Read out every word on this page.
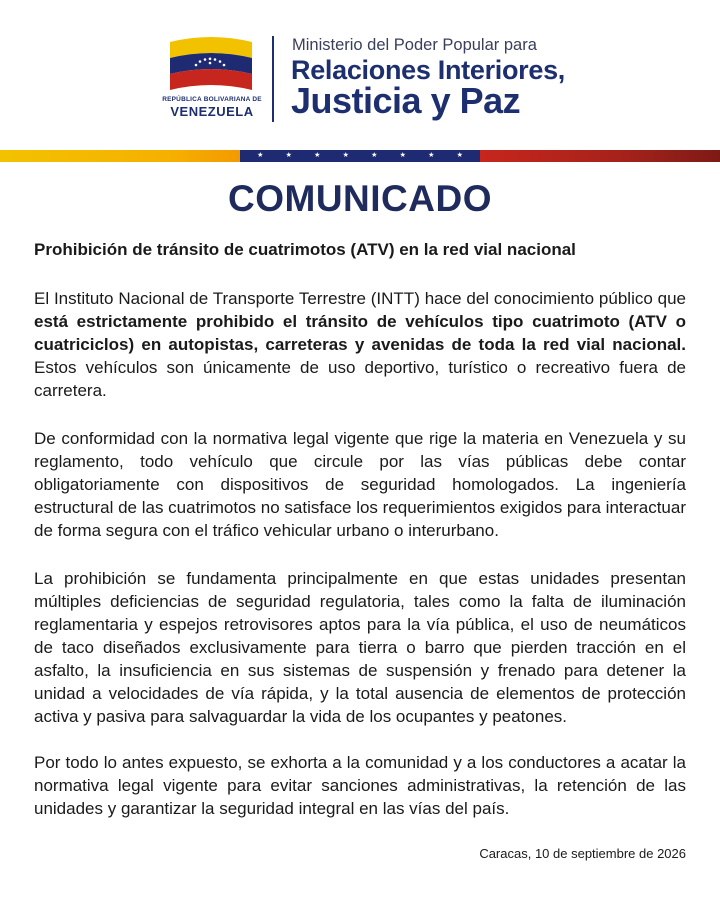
REPÚBLICA BOLIVARIANA DE
VENEZUELA
Ministerio del Poder Popular para
Relaciones Interiores,
Justicia y Paz
★	★	★	★	★	★	★	★
COMUNICADO
Prohibición de tránsito de cuatrimotos (ATV) en la red vial nacional

El Instituto Nacional de Transporte Terrestre (INTT) hace del conocimiento público que está estrictamente prohibido el tránsito de vehículos tipo cuatrimoto (ATV o cuatriciclos) en autopistas, carreteras y avenidas de toda la red vial nacional. Estos vehículos son únicamente de uso deportivo, turístico o recreativo fuera de carretera.

De conformidad con la normativa legal vigente que rige la materia en Venezuela y su reglamento, todo vehículo que circule por las vías públicas debe contar obligatoriamente con dispositivos de seguridad homologados. La ingeniería estructural de las cuatrimotos no satisface los requerimientos exigidos para interactuar de forma segura con el tráfico vehicular urbano o interurbano.

La prohibición se fundamenta principalmente en que estas unidades presentan múltiples deficiencias de seguridad regulatoria, tales como la falta de iluminación reglamentaria y espejos retrovisores aptos para la vía pública, el uso de neumáticos de taco diseñados exclusivamente para tierra o barro que pierden tracción en el asfalto, la insuficiencia en sus sistemas de suspensión y frenado para detener la unidad a velocidades de vía rápida, y la total ausencia de elementos de protección activa y pasiva para salvaguardar la vida de los ocupantes y peatones.

Por todo lo antes expuesto, se exhorta a la comunidad y a los conductores a acatar la normativa legal vigente para evitar sanciones administrativas, la retención de las unidades y garantizar la seguridad integral en las vías del país.

Caracas, 10 de septiembre de 2026
